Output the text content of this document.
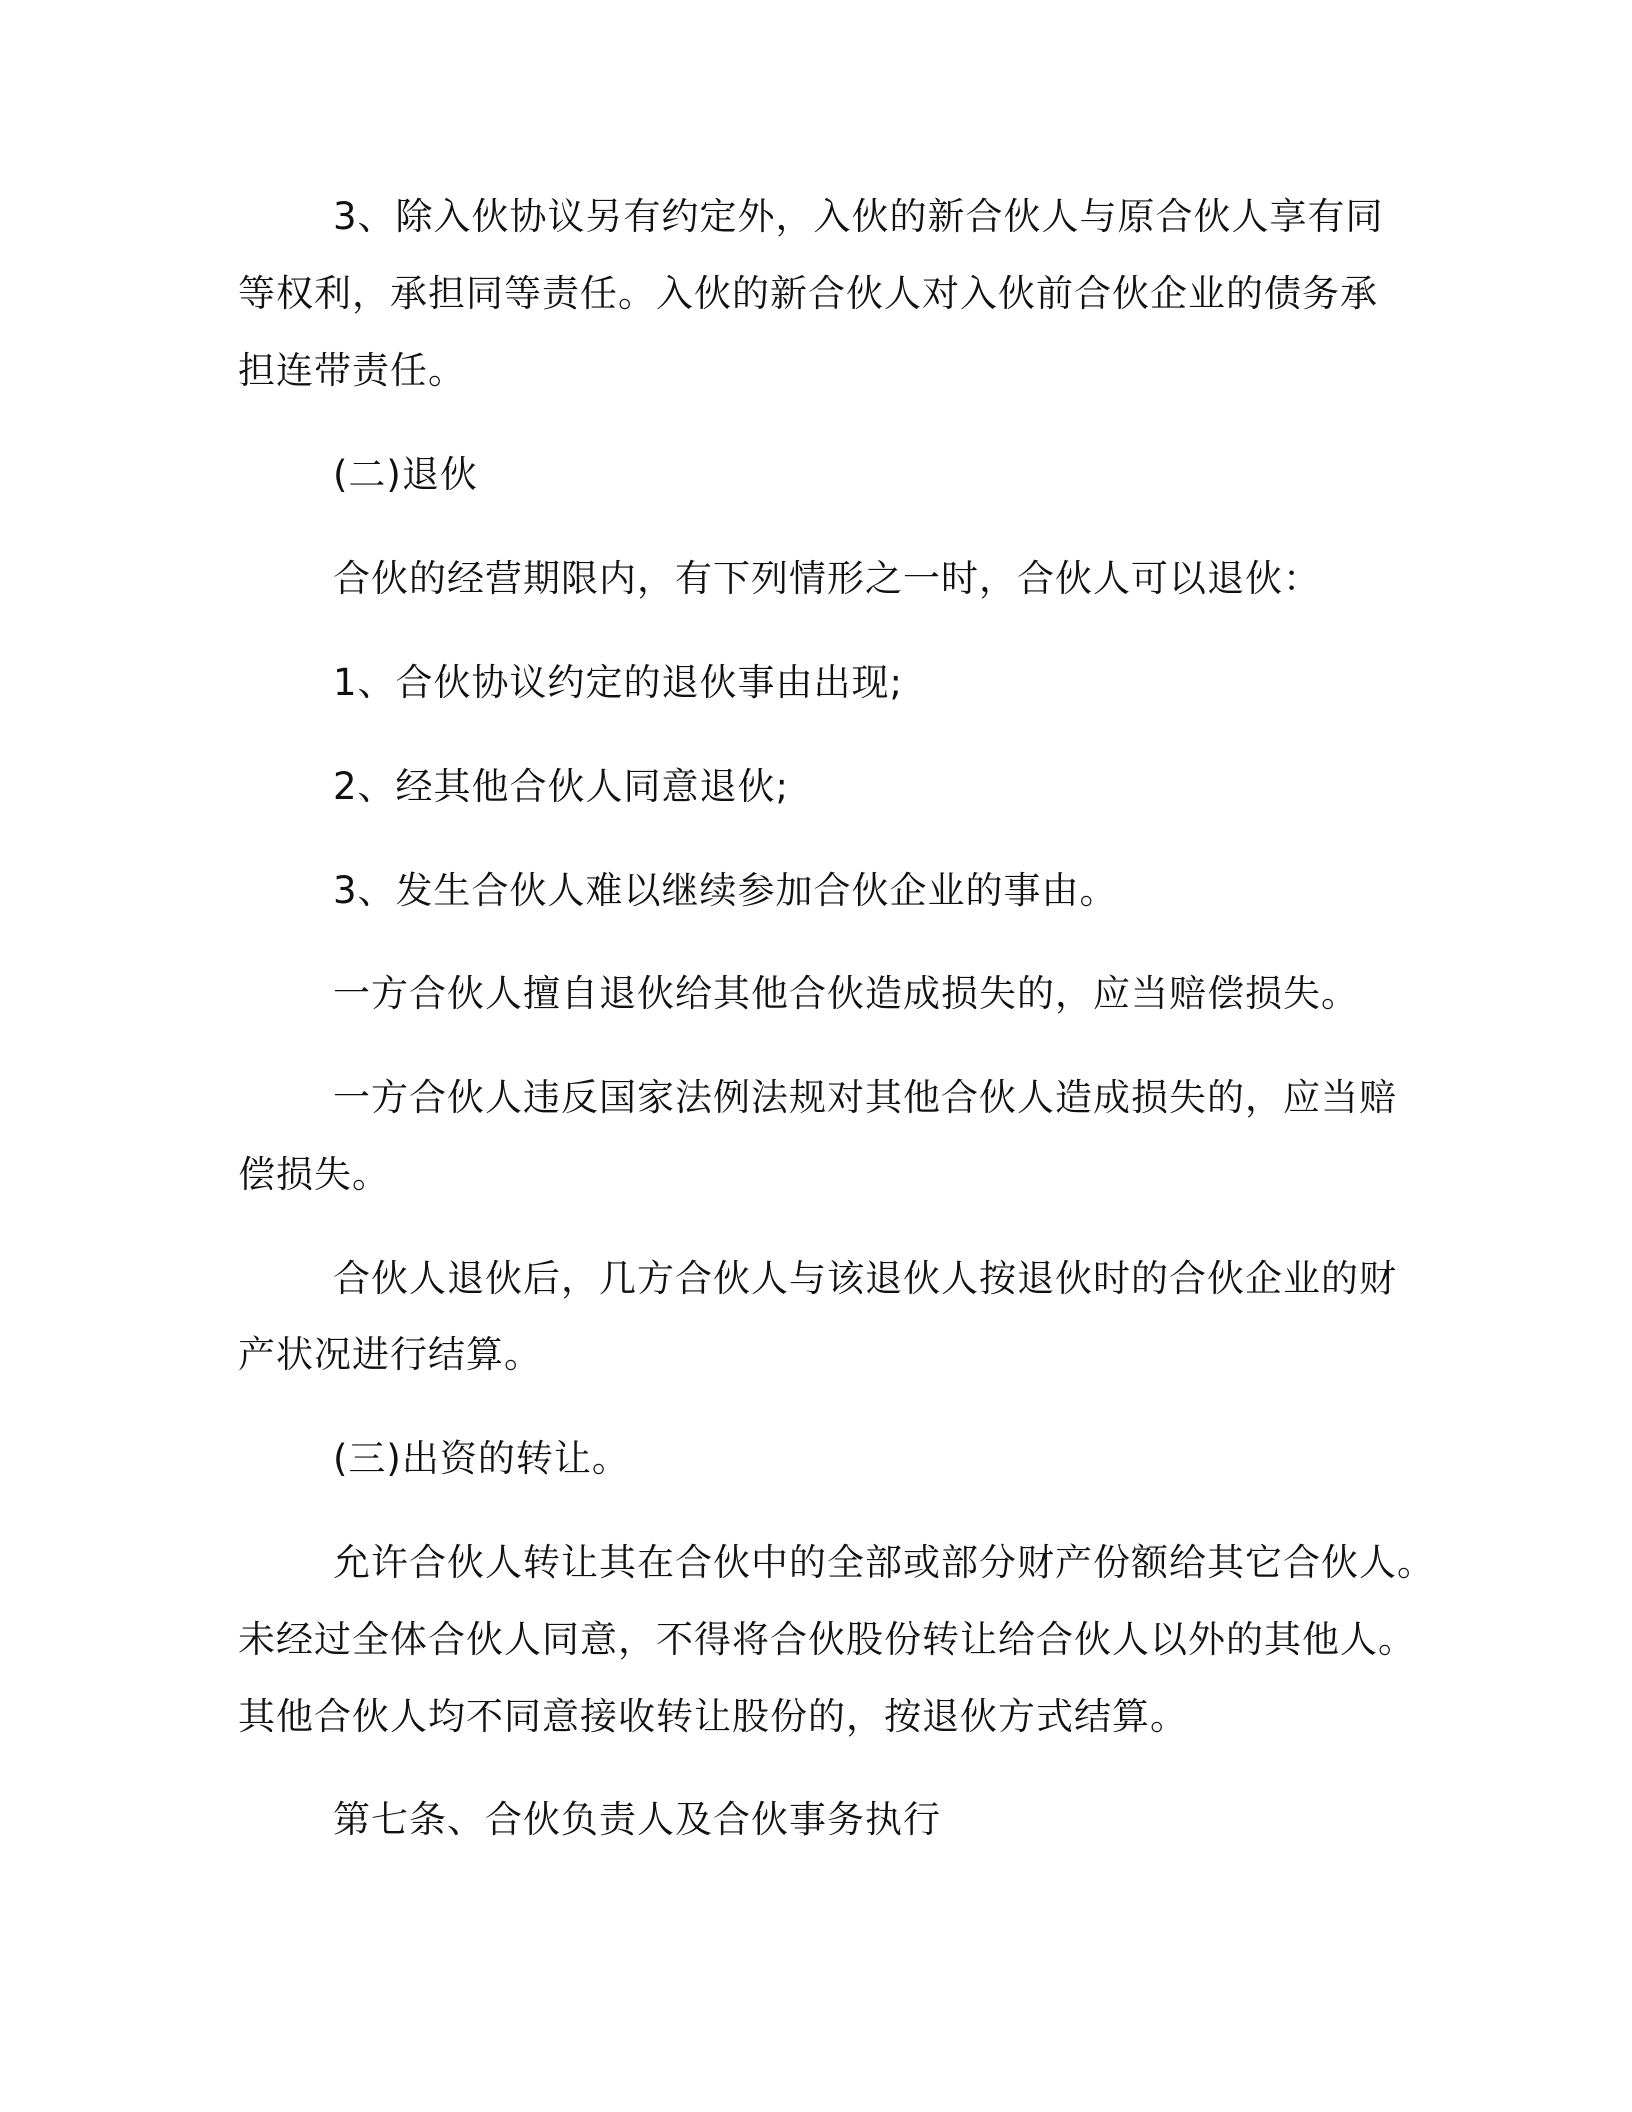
3、除入伙协议另有约定外，入伙的新合伙人与原合伙人享有同
等权利，承担同等责任。入伙的新合伙人对入伙前合伙企业的债务承
担连带责任。
(二)退伙
合伙的经营期限内，有下列情形之一时，合伙人可以退伙：
1、合伙协议约定的退伙事由出现;
2、经其他合伙人同意退伙;
3、发生合伙人难以继续参加合伙企业的事由。
一方合伙人擅自退伙给其他合伙造成损失的，应当赔偿损失。
一方合伙人违反国家法例法规对其他合伙人造成损失的，应当赔
偿损失。
合伙人退伙后，几方合伙人与该退伙人按退伙时的合伙企业的财
产状况进行结算。
(三)出资的转让。
允许合伙人转让其在合伙中的全部或部分财产份额给其它合伙人。
未经过全体合伙人同意，不得将合伙股份转让给合伙人以外的其他人。
其他合伙人均不同意接收转让股份的，按退伙方式结算。
第七条、合伙负责人及合伙事务执行
